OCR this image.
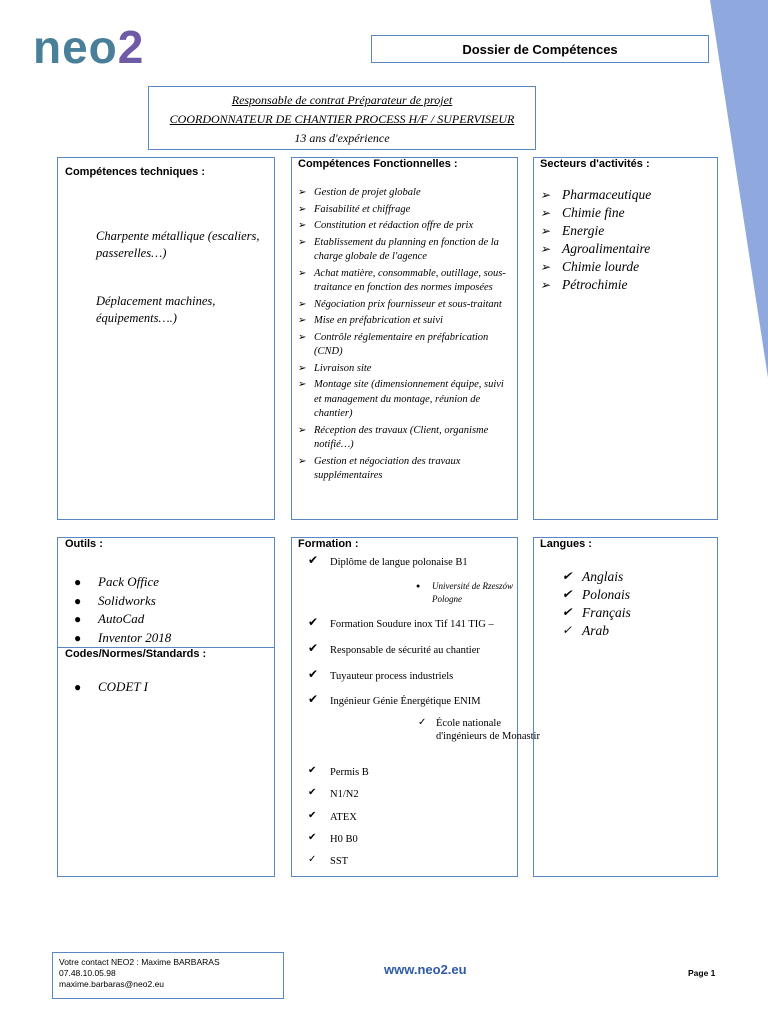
neo2	Dossier de Compétences
Responsable de contrat Préparateur de projet
COORDONNATEUR DE CHANTIER PROCESS H/F / SUPERVISEUR
13 ans d'expérience
Compétences techniques :
Charpente métallique (escaliers, passerelles…)
Déplacement machines, équipements….)
Compétences Fonctionnelles :
➢ Gestion de projet globale
➢ Faisabilité et chiffrage
➢ Constitution et rédaction offre de prix
➢ Etablissement du planning en fonction de la charge globale de l'agence
➢ Achat matière, consommable, outillage, sous-traitance en fonction des normes imposées
➢ Négociation prix fournisseur et sous-traitant
➢ Mise en préfabrication et suivi
➢ Contrôle réglementaire en préfabrication (CND)
➢ Livraison site
➢ Montage site (dimensionnement équipe, suivi et management du montage, réunion de chantier)
➢ Réception des travaux (Client, organisme notifié…)
➢ Gestion et négociation des travaux supplémentaires
Secteurs d'activités :
➢ Pharmaceutique
➢ Chimie fine
➢ Energie
➢ Agroalimentaire
➢ Chimie lourde
➢ Pétrochimie
Outils :
● Pack Office
● Solidworks
● AutoCad
● Inventor 2018
Codes/Normes/Standards :
● CODET I
Formation :
✔ Diplôme de langue polonaise B1
● Université de Rzeszów Pologne
✔ Formation Soudure inox Tif 141 TIG –
✔ Responsable de sécurité au chantier
✔ Tuyauteur process industriels
✔ Ingénieur Génie Énergétique ENIM
✓ École nationale d'ingénieurs de Monastir
✔ Permis B
✔ N1/N2
✔ ATEX
✔ H0 B0
✓ SST
Langues :
✔ Anglais
✔ Polonais
✔ Français
✓ Arab
Votre contact NEO2 : Maxime BARBARAS
07.48.10.05.98
maxime.barbaras@neo2.eu
www.neo2.eu	Page 1
